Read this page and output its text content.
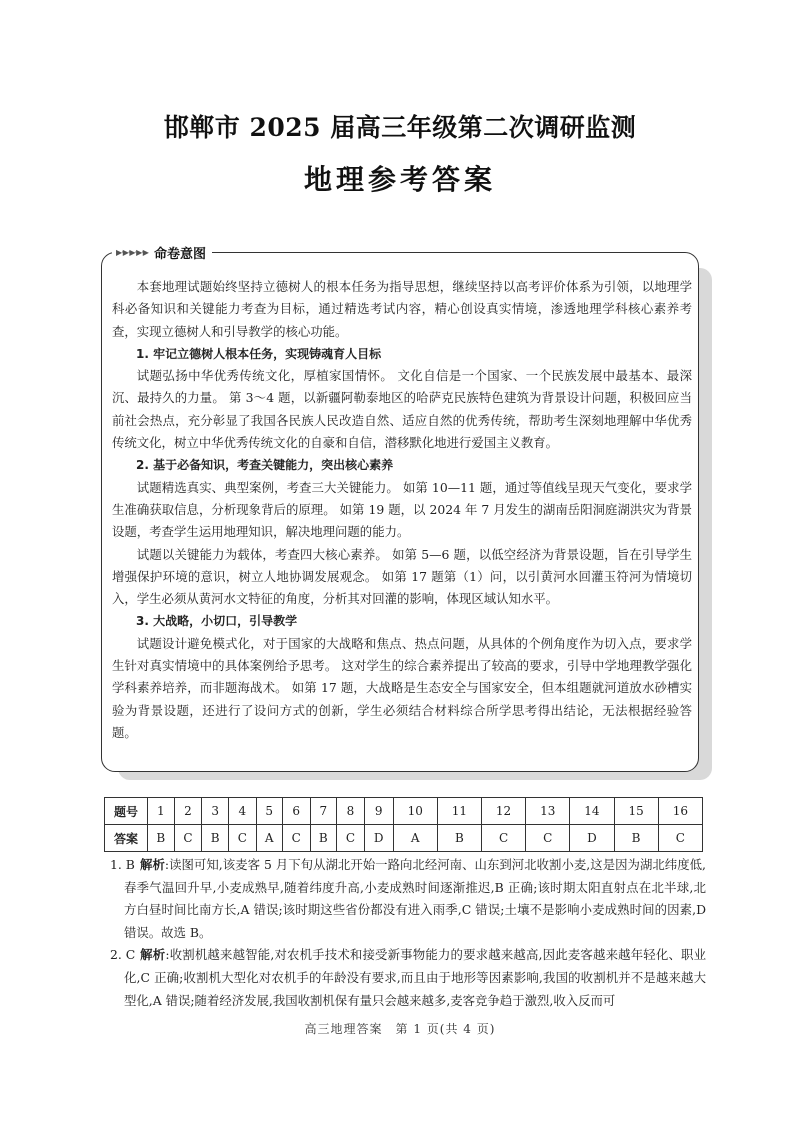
邯郸市 2025 届高三年级第二次调研监测
地理参考答案
▶·▶·▶·▶·▶ 命卷意图

本套地理试题始终坚持立德树人的根本任务为指导思想，继续坚持以高考评价体系为引领，以地理学科必备知识和关键能力考查为目标，通过精选考试内容，精心创设真实情境，渗透地理学科核心素养考查，实现立德树人和引导教学的核心功能。

1. 牢记立德树人根本任务，实现铸魂育人目标

试题弘扬中华优秀传统文化，厚植家国情怀。 文化自信是一个国家、一个民族发展中最基本、最深沉、最持久的力量。 第 3～4 题，以新疆阿勒泰地区的哈萨克民族特色建筑为背景设计问题，积极回应当前社会热点，充分彰显了我国各民族人民改造自然、适应自然的优秀传统，帮助考生深刻地理解中华优秀传统文化，树立中华优秀传统文化的自豪和自信，潜移默化地进行爱国主义教育。

2. 基于必备知识，考查关键能力，突出核心素养

试题精选真实、典型案例，考查三大关键能力。 如第 10—11 题，通过等值线呈现天气变化，要求学生准确获取信息，分析现象背后的原理。 如第 19 题，以 2024 年 7 月发生的湖南岳阳洞庭湖洪灾为背景设题，考查学生运用地理知识，解决地理问题的能力。

试题以关键能力为载体，考查四大核心素养。 如第 5—6 题，以低空经济为背景设题，旨在引导学生增强保护环境的意识，树立人地协调发展观念。 如第 17 题第（1）问，以引黄河水回灌玉符河为情境切入，学生必须从黄河水文特征的角度，分析其对回灌的影响，体现区域认知水平。

3. 大战略，小切口，引导教学

试题设计避免模式化，对于国家的大战略和焦点、热点问题，从具体的个例角度作为切入点，要求学生针对真实情境中的具体案例给予思考。 这对学生的综合素养提出了较高的要求，引导中学地理教学强化学科素养培养，而非题海战术。 如第 17 题，大战略是生态安全与国家安全，但本组题就河道放水砂槽实验为背景设题，还进行了设问方式的创新，学生必须结合材料综合所学思考得出结论，无法根据经验答题。

题号	1	2	3	4	5	6	7	8	9	10	11	12	13	14	15	16
答案	B	C	B	C	A	C	B	C	D	A	B	C	C	D	B	C
1. B 解析:读图可知,该麦客 5 月下旬从湖北开始一路向北经河南、山东到河北收割小麦,这是因为湖北纬度低,春季气温回升早,小麦成熟早,随着纬度升高,小麦成熟时间逐渐推迟,B 正确;该时期太阳直射点在北半球,北方白昼时间比南方长,A 错误;该时期这些省份都没有进入雨季,C 错误;土壤不是影响小麦成熟时间的因素,D 错误。故选 B。
2. C 解析:收割机越来越智能,对农机手技术和接受新事物能力的要求越来越高,因此麦客越来越年轻化、职业化,C 正确;收割机大型化对农机手的年龄没有要求,而且由于地形等因素影响,我国的收割机并不是越来越大型化,A 错误;随着经济发展,我国收割机保有量只会越来越多,麦客竞争趋于激烈,收入反而可
高三地理答案　第 1 页(共 4 页)
